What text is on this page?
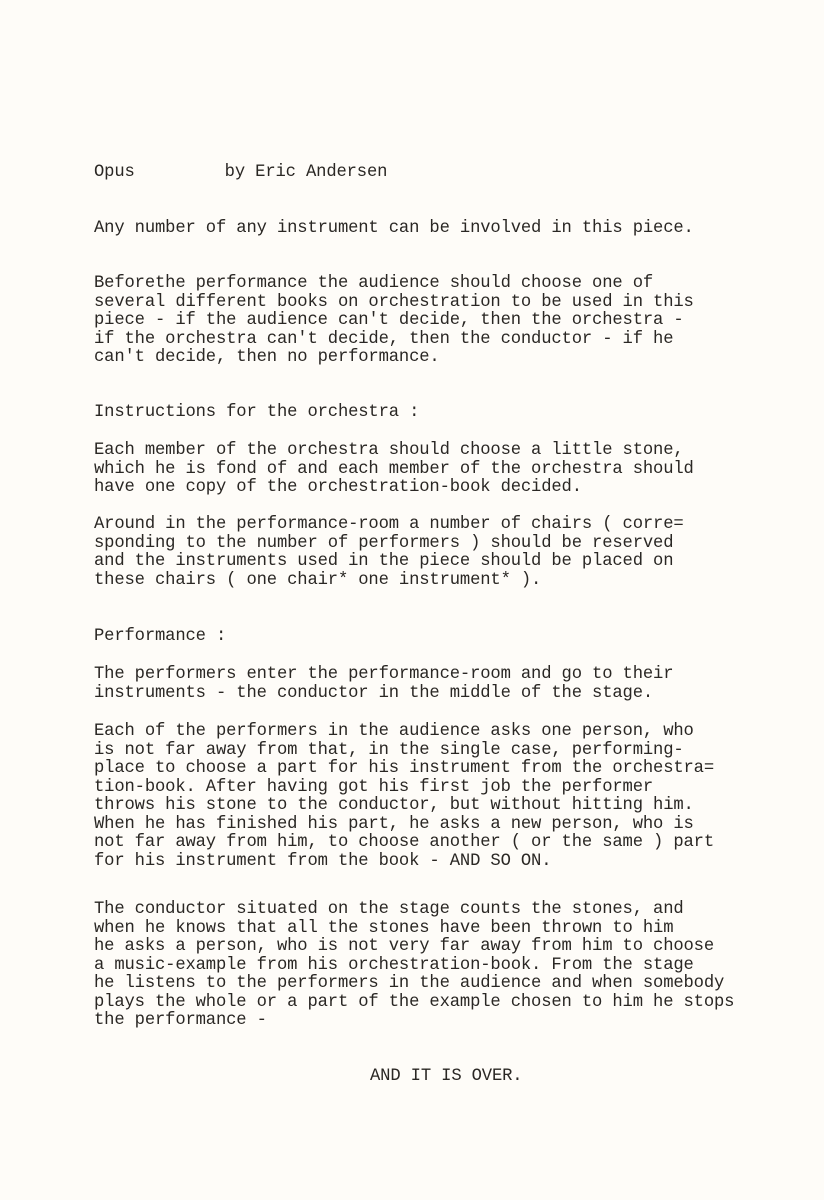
Opus	by Eric Andersen
Any number of any instrument can be involved in this piece.
Beforethe performance the audience should choose one of
several different books on orchestration to be used in this
piece - if the audience can't decide, then the orchestra -
if the orchestra can't decide, then the conductor - if he
can't decide, then no performance.
Instructions for the orchestra :
Each member of the orchestra should choose a little stone,
which he is fond of and each member of the orchestra should
have one copy of the orchestration-book decided.
Around in the performance-room a number of chairs ( corre=
sponding to the number of performers ) should be reserved
and the instruments used in the piece should be placed on
these chairs ( one chair* one instrument* ).
Performance :
The performers enter the performance-room and go to their
instruments - the conductor in the middle of the stage.
Each of the performers in the audience asks one person, who
is not far away from that, in the single case, performing-
place to choose a part for his instrument from the orchestra=
tion-book. After having got his first job the performer
throws his stone to the conductor, but without hitting him.
When he has finished his part, he asks a new person, who is
not far away from him, to choose another ( or the same ) part
for his instrument from the book - AND SO ON.
The conductor situated on the stage counts the stones, and
when he knows that all the stones have been thrown to him
he asks a person, who is not very far away from him to choose
a music-example from his orchestration-book. From the stage
he listens to the performers in the audience and when somebody
plays the whole or a part of the example chosen to him he stops
the performance -
AND IT IS OVER.
